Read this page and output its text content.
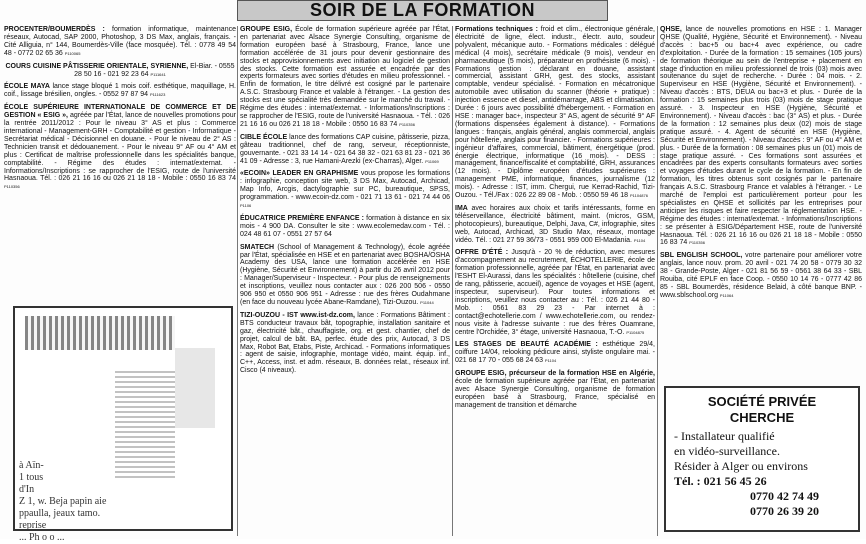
SOIR DE LA FORMATION

PROCENTER/BOUMERDÈS : formation informatique, maintenance réseaux, Autocad, SAP 2000, Photoshop, 3 DS Max, anglais, français. - Cité Alliguia, n° 144, Boumerdès-Ville (face mosquée). Tél. : 0778 49 54 48 - 0772 02 65 36 P110065

COURS CUISINE PÂTISSERIE ORIENTALE, SYRIENNE, El-Biar. - 0555 28 50 16 - 021 92 23 64 P111641

ÉCOLE MAYA lance stage bloqué 1 mois coif. esthétique, maquillage, H. coif., lissage brésilien, ongles. - 0552 97 87 94 P111623

ÉCOLE SUPÉRIEURE INTERNATIONALE DE COMMERCE ET DE GESTION « ESIG », agréée par l'État, lance de nouvelles promotions pour la rentrée 2011/2012 : Pour le niveau 3° AS et plus : Commerce international - Management-GRH - Comptabilité et gestion - Informatique - Secrétariat médical - Décisionnel en douane. - Pour le niveau de 2° AS : Technicien transit et dédouanement. - Pour le niveau 9° AF ou 4° AM et plus : Certificat de maîtrise professionnelle dans les spécialités banque, comptabilité. - Régime des études : internat/externat. - Informations/Inscriptions : se rapprocher de l'ESIG, route de l'université Hasnaoua. Tél. : 026 21 16 16 ou 026 21 18 18 - Mobile : 0550 16 83 74 P110356

à Aïn-
1 tous
d'In
Z 1, w. Beja papin aie
ppaulla, jeaux tamo.
reprise
... Ph o o ...

GROUPE ESIG, École de formation supérieure agréée par l'État, en partenariat avec Alsace Synergie Consulting, organisme de formation européen basé à Strasbourg, France, lance une formation accélérée de 31 jours pour devenir gestionnaire des stocks et approvisionnements avec initiation au logiciel de gestion des stocks. Cette formation est assurée et encadrée par des experts formateurs avec sorties d'études en milieu professionnel. - Enfin de formation, le titre délivré est cosigné par le partenaire A.S.C. Strasbourg France et valable à l'étranger. - La gestion des stocks est une spécialité très demandée sur le marché du travail. - Régime des études : internat/externat. - Informations/Inscriptions : se rapprocher de l'ESIG, route de l'université Hasnaoua. - Tél. : 026 21 16 16 ou 026 21 18 18 - Mobile : 0550 16 83 74 P110356

CIBLE ÉCOLE lance des formations CAP cuisine, pâtisserie, pizza, gâteau traditionnel, chef de rang, serveur, réceptionniste, gouvernante. - 021 33 14 14 - 021 64 38 32 - 021 63 81 23 - 021 36 41 09 - Adresse : 3, rue Hamani-Arezki (ex-Charras), Alger. P11069

«ECOIN» LEADER EN GRAPHISME vous propose les formations : infographie, conception site web, 3 DS Max, Autocad, Archicad, Map Info, Arcgis, dactylographie sur PC, bureautique, SPSS, programmation. - www.ecoin-dz.com - 021 71 13 61 - 021 74 44 06 P1106

ÉDUCATRICE PREMIÈRE ENFANCE : formation à distance en six mois - 4 900 DA. Consulter le site : www.ecolemedav.com - Tél. : 024 48 61 07 - 0551 27 57 64

SMATECH (School of Management & Technology), école agréée par l'État, spécialisée en HSE et en partenariat avec BOSHA/OSHA Academy des USA, lance une formation accélérée en HSE (Hygiène, Sécurité et Environnement) à partir du 26 avril 2012 pour : Manager/Superviseur - Inspecteur. - Pour plus de renseignements et inscriptions, veuillez nous contacter aux : 026 200 506 - 0550 906 950 et 0550 906 951 - Adresse : rue des frères Oudahmane (en face du nouveau lycée Abane-Ramdane), Tizi-Ouzou. P11044

TIZI-OUZOU - IST www.ist-dz.com, lance : Formations Bâtiment : BTS conducteur travaux bât, topographie, installation sanitaire et gaz, électricité bât., chauffagiste, org. et gest. chantier, chef de projet, calcul de bât. BA, perfec. étude des prix, Autocad, 3 DS Max, Robot Bat, Etabs, Piste, Archicad. - Formations informatiques : agent de saisie, infographie, montage vidéo, maint. équip. inf., C++, Access, inst. et adm. réseaux, B. données relat., réseaux inf. Cisco (4 niveaux).

Formations techniques : froid et clim., électronique générale, électricité de ligne, élect. industr., électr. auto, soudeur polyvalent, mécanique auto. - Formations médicales : délégué médical (4 mois), secrétaire médicale (9 mois), vendeur en pharmaceutique (5 mois), préparateur en prothésiste (6 mois). - Formations gestion : déclarant en douane, assistant commercial, assistant GRH, gest. des stocks, assistant comptable, vendeur spécialisé. - Formation en mécatronique automobile avec utilisation du scanner (théorie + pratique) : injection essence et diesel, antidémarrage, ABS et climatisation. Durée : 6 jours avec possibilité d'hébergement. - Formation en HSE : manager bac+, inspecteur 3° AS, agent de sécurité 9° AF (formations dispensées également à distance). - Formations langues : français, anglais général, anglais commercial, anglais pour hôtellerie, anglais pour financier. - Formations supérieures : ingénieur d'affaires, commercial, bâtiment, énergétique (prod. énergie électrique, informatique (16 mois). - DESS : management, finance/fiscalité et comptabilité, GRH, assurances (12 mois). - Diplôme européen d'études supérieures : management PME, informatique, finances, journalisme (12 mois). - Adresse : IST, imm. Chergui, rue Kerrad-Rachid, Tizi-Ouzou. - Tél./Fax : 026 22 89 08 - Mob. : 0550 59 46 18 P1104876

IMA avec horaires aux choix et tarifs intéressants, forme en téléserveillance, électricité bâtiment, maint. (micros, GSM, photocopieurs), bureautique, Delphi, Java, C#, infographie, sites web, Autocad, Archicad, 3D Studio Max, réseaux, montage vidéo. Tél. : 021 27 59 36/73 - 0551 959 000 El-Madania. P1104

OFFRE D'ÉTÉ : Jusqu'à - 20 % de réduction, avec mesures d'accompagnement au recrutement, ÉCHOTELLERIE, école de formation professionnelle, agréée par l'État, en partenariat avec l'ESHT El-Aurassi, dans les spécialités : hôtellerie (cuisine, chef de rang, pâtisserie, accueil), agence de voyages et HSE (agent, inspecteur, superviseur). Pour toutes informations et inscriptions, veuillez nous contacter au : Tél. : 026 21 44 80 - Mob. : 0561 83 29 23 - Par internet à : contact@echotellerie.com / www.echotellerie.com, ou rendez-nous visite à l'adresse suivante : rue des frères Ouamrane, centre l'Orchidée, 3° étage, université Hasnaoua, T.-O. P1104875

LES STAGES DE BEAUTÉ ACADÉMIE : esthétique 29/4, coiffure 14/04, relooking pédicure ainsi, styliste ongulaire mai. - 021 68 17 70 - 055 68 24 63 P1104

GROUPE ESIG, précurseur de la formation HSE en Algérie, école de formation supérieure agréée par l'État, en partenariat avec Alsace Synergie Consulting, organisme de formation européen basé à Strasbourg, France, spécialisé en management de transition et démarche

QHSE, lance de nouvelles promotions en HSE : 1. Manager QHSE (Qualité, Hygiène, Sécurité et Environnement). - Niveau d'accès : bac+5 ou bac+4 avec expérience, ou cadre d'exploitation. - Durée de la formation : 15 semaines (105 jours) de formation théorique au sein de l'entreprise + placement en stage d'induction en milieu professionnel de trois (03) mois avec soutenance du sujet de recherche. - Durée : 04 mois. - 2. Superviseur en HSE (Hygiène, Sécurité et Environnement). - Niveau d'accès : BTS, DEUA ou bac+3 et plus. - Durée de la formation : 15 semaines plus trois (03) mois de stage pratique assuré. - 3. Inspecteur en HSE (Hygiène, Sécurité et Environnement). - Niveau d'accès : bac (3° AS) et plus. - Durée de la formation : 12 semaines plus deux (02) mois de stage pratique assuré. - 4. Agent de sécurité en HSE (Hygiène, Sécurité et Environnement). - Niveau d'accès : 9° AF ou 4° AM et plus. - Durée de la formation : 08 semaines plus un (01) mois de stage pratique assuré. - Ces formations sont assurées et encadrées par des experts consultants formateurs avec sorties et voyages d'études durant le cycle de la formation. - En fin de formation, les titres obtenus sont cosignés par le partenaire français A.S.C. Strasbourg France et valables à l'étranger. - Le marché de l'emploi est particulièrement porteur pour les spécialistes en QHSE et sollicités par les entreprises pour anticiper les risques et faire respecter la réglementation HSE. - Régime des études : internat/externat. - Informations/Inscriptions : se présenter à ESIG/Département HSE, route de l'université Hasnaoua. Tél. : 026 21 16 16 ou 026 21 18 18 - Mobile : 0550 16 83 74 P110356

SBL ENGLISH SCHOOL, votre partenaire pour améliorer votre anglais, lance nouv. prom. 20 avril - 021 74 20 58 - 0779 30 32 38 - Grande-Poste, Alger - 021 81 56 59 - 0561 38 64 33 - SBL Rouiba, cité EPLF en face Coop. - 0550 10 14 76 - 0777 42 86 85 - SBL Boumerdès, résidence Belaid, à côté banque BNP. - www.sblschool.org P11064

SOCIÉTÉ PRIVÉE
CHERCHE
- Installateur qualifié
en vidéo-surveillance.
Résider à Alger ou environs
Tél. : 021 56 45 26
0770 42 74 49
0770 26 39 20
